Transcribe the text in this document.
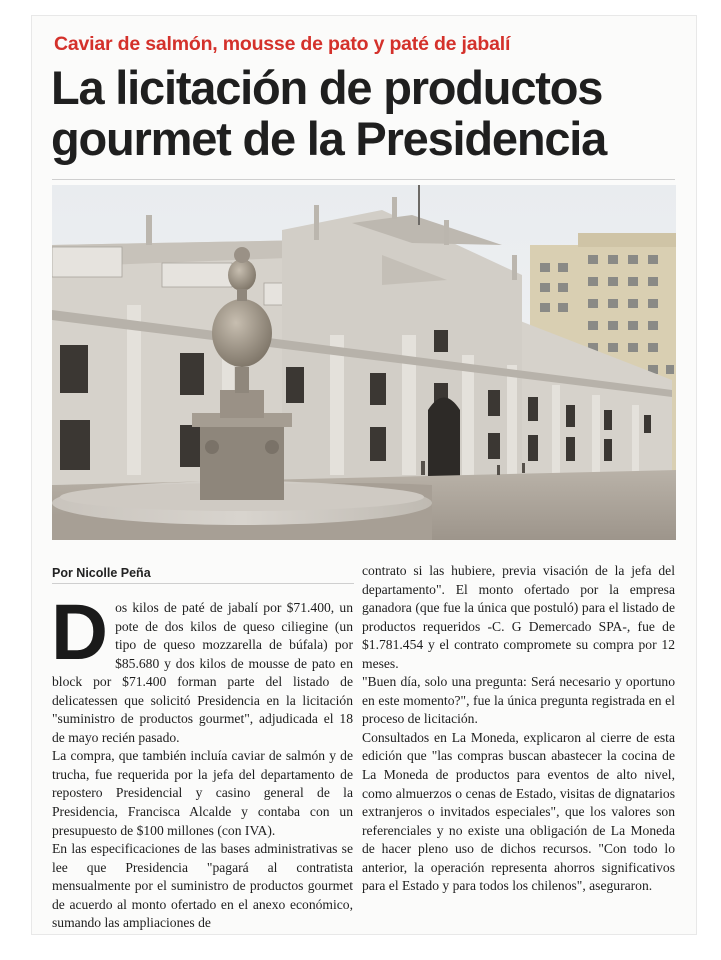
Caviar de salmón, mousse de pato y paté de jabalí
La licitación de productos gourmet de la Presidencia
Por Nicolle Peña

Dos kilos de paté de jabalí por $71.400, un pote de dos kilos de queso ciliegine (un tipo de queso mozzarella de búfala) por $85.680 y dos kilos de mousse de pato en block por $71.400 forman parte del listado de delicatessen que solicitó Presidencia en la licitación "suministro de productos gourmet", adjudicada el 18 de mayo recién pasado.

La compra, que también incluía caviar de salmón y de trucha, fue requerida por la jefa del departamento de repostero Presidencial y casino general de la Presidencia, Francisca Alcalde y contaba con un presupuesto de $100 millones (con IVA).

En las especificaciones de las bases administrativas se lee que Presidencia "pagará al contratista mensualmente por el suministro de productos gourmet de acuerdo al monto ofertado en el anexo económico, sumando las ampliaciones de

contrato si las hubiere, previa visación de la jefa del departamento". El monto ofertado por la empresa ganadora (que fue la única que postuló) para el listado de productos requeridos -C. G Demercado SPA-, fue de $1.781.454 y el contrato compromete su compra por 12 meses.

"Buen día, solo una pregunta: Será necesario y oportuno en este momento?", fue la única pregunta registrada en el proceso de licitación.

Consultados en La Moneda, explicaron al cierre de esta edición que "las compras buscan abastecer la cocina de La Moneda de productos para eventos de alto nivel, como almuerzos o cenas de Estado, visitas de dignatarios extranjeros o invitados especiales", que los valores son referenciales y no existe una obligación de La Moneda de hacer pleno uso de dichos recursos. "Con todo lo anterior, la operación representa ahorros significativos para el Estado y para todos los chilenos", aseguraron.
